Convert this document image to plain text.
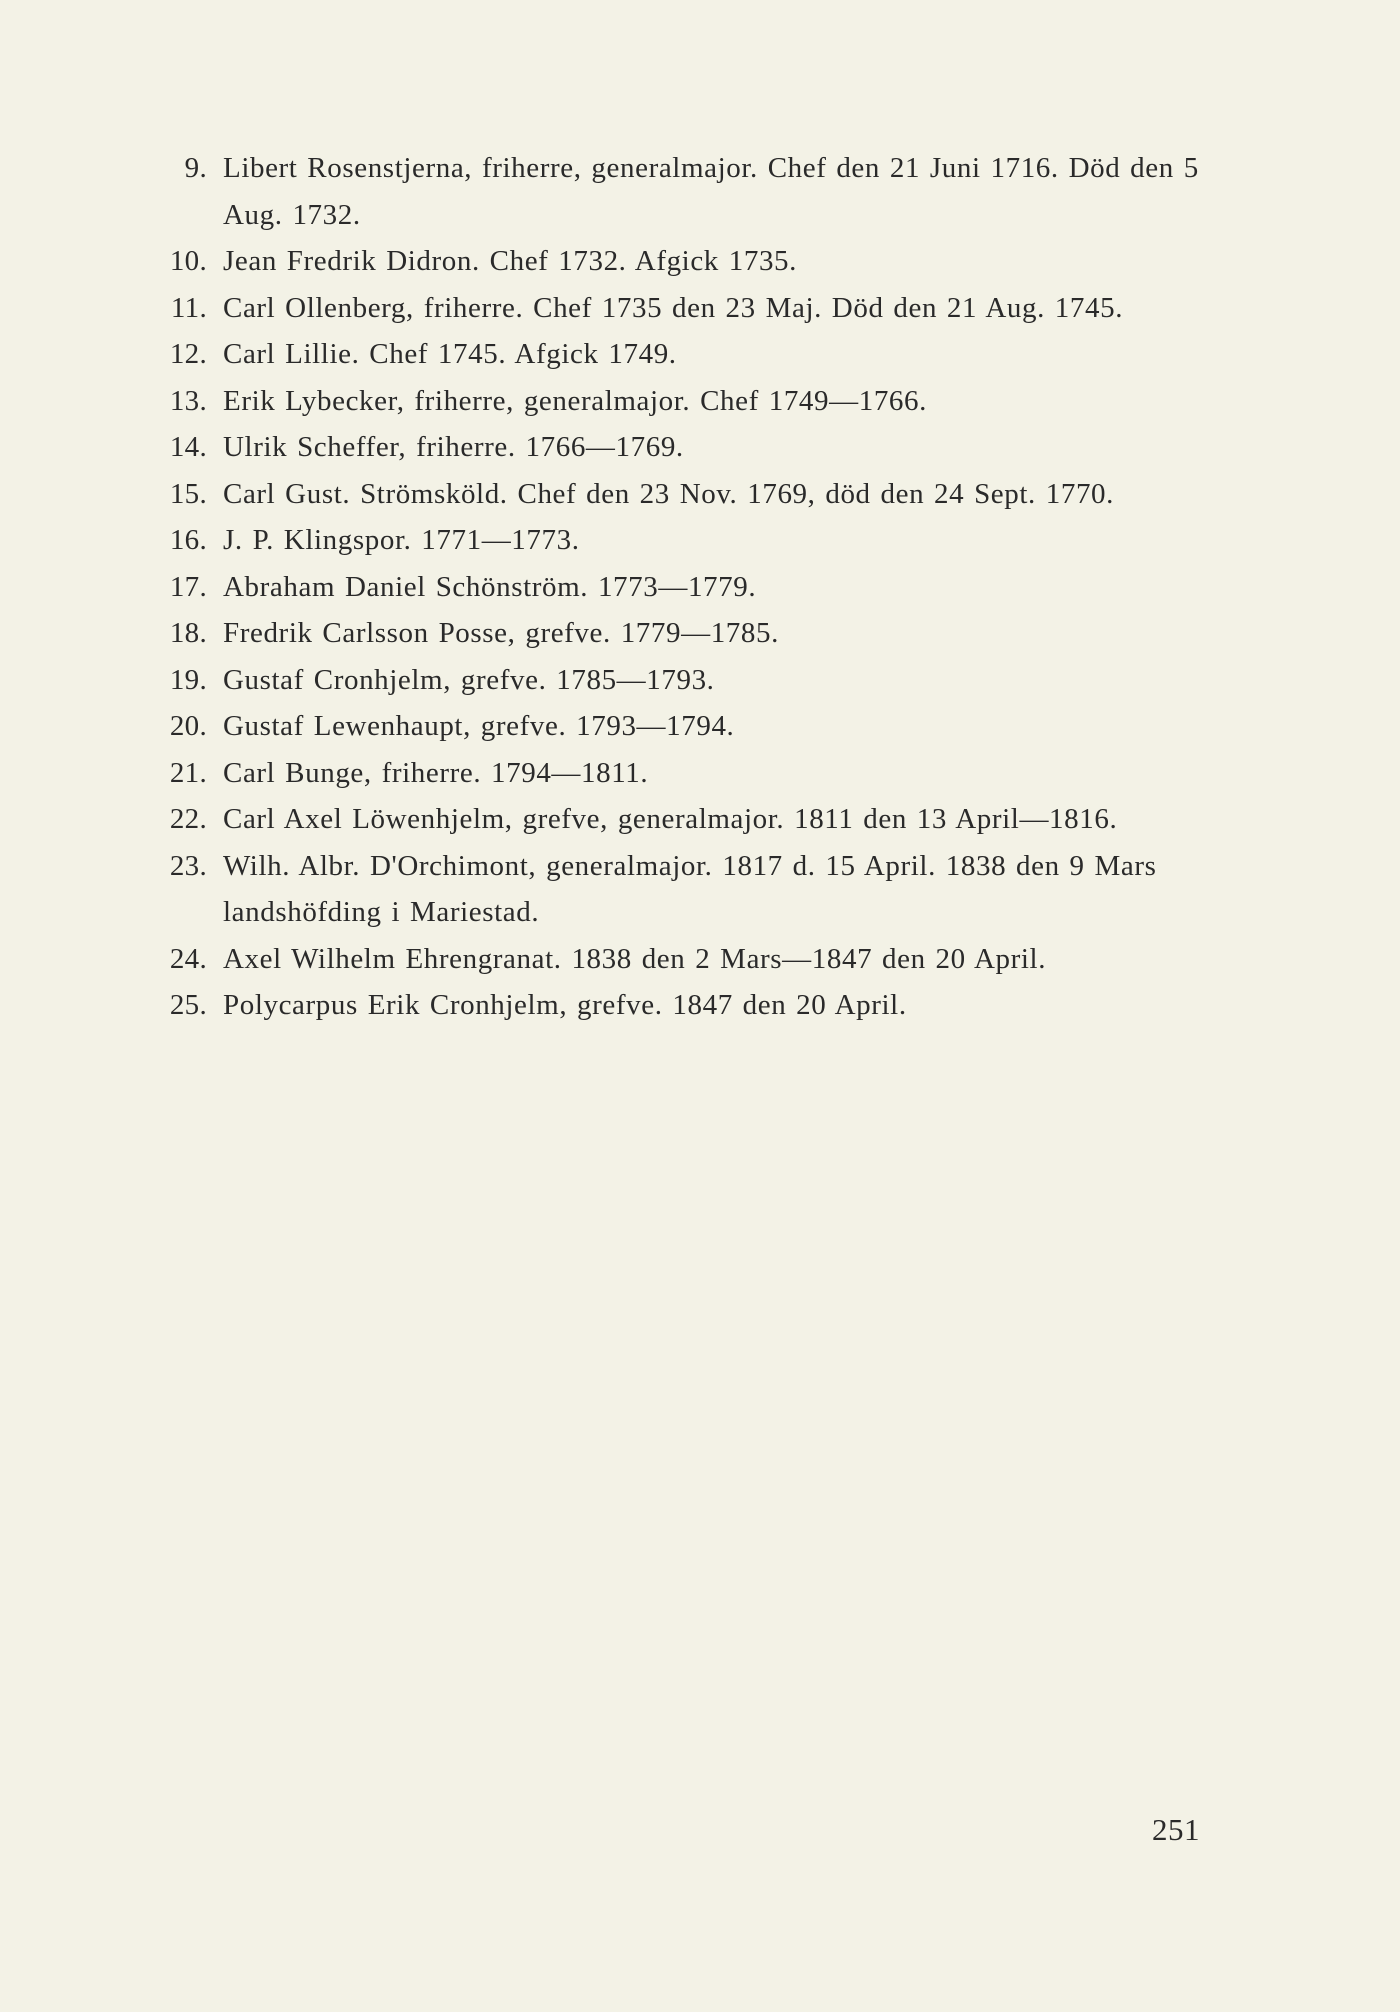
9. Libert Rosenstjerna, friherre, generalmajor. Chef den 21 Juni 1716. Död den 5 Aug. 1732.
10. Jean Fredrik Didron. Chef 1732. Afgick 1735.
11. Carl Ollenberg, friherre. Chef 1735 den 23 Maj. Död den 21 Aug. 1745.
12. Carl Lillie. Chef 1745. Afgick 1749.
13. Erik Lybecker, friherre, generalmajor. Chef 1749—1766.
14. Ulrik Scheffer, friherre. 1766—1769.
15. Carl Gust. Strömsköld. Chef den 23 Nov. 1769, död den 24 Sept. 1770.
16. J. P. Klingspor. 1771—1773.
17. Abraham Daniel Schönström. 1773—1779.
18. Fredrik Carlsson Posse, grefve. 1779—1785.
19. Gustaf Cronhjelm, grefve. 1785—1793.
20. Gustaf Lewenhaupt, grefve. 1793—1794.
21. Carl Bunge, friherre. 1794—1811.
22. Carl Axel Löwenhjelm, grefve, generalmajor. 1811 den 13 April—1816.
23. Wilh. Albr. D'Orchimont, generalmajor. 1817 d. 15 April. 1838 den 9 Mars landshöfding i Mariestad.
24. Axel Wilhelm Ehrengranat. 1838 den 2 Mars—1847 den 20 April.
25. Polycarpus Erik Cronhjelm, grefve. 1847 den 20 April.
251
